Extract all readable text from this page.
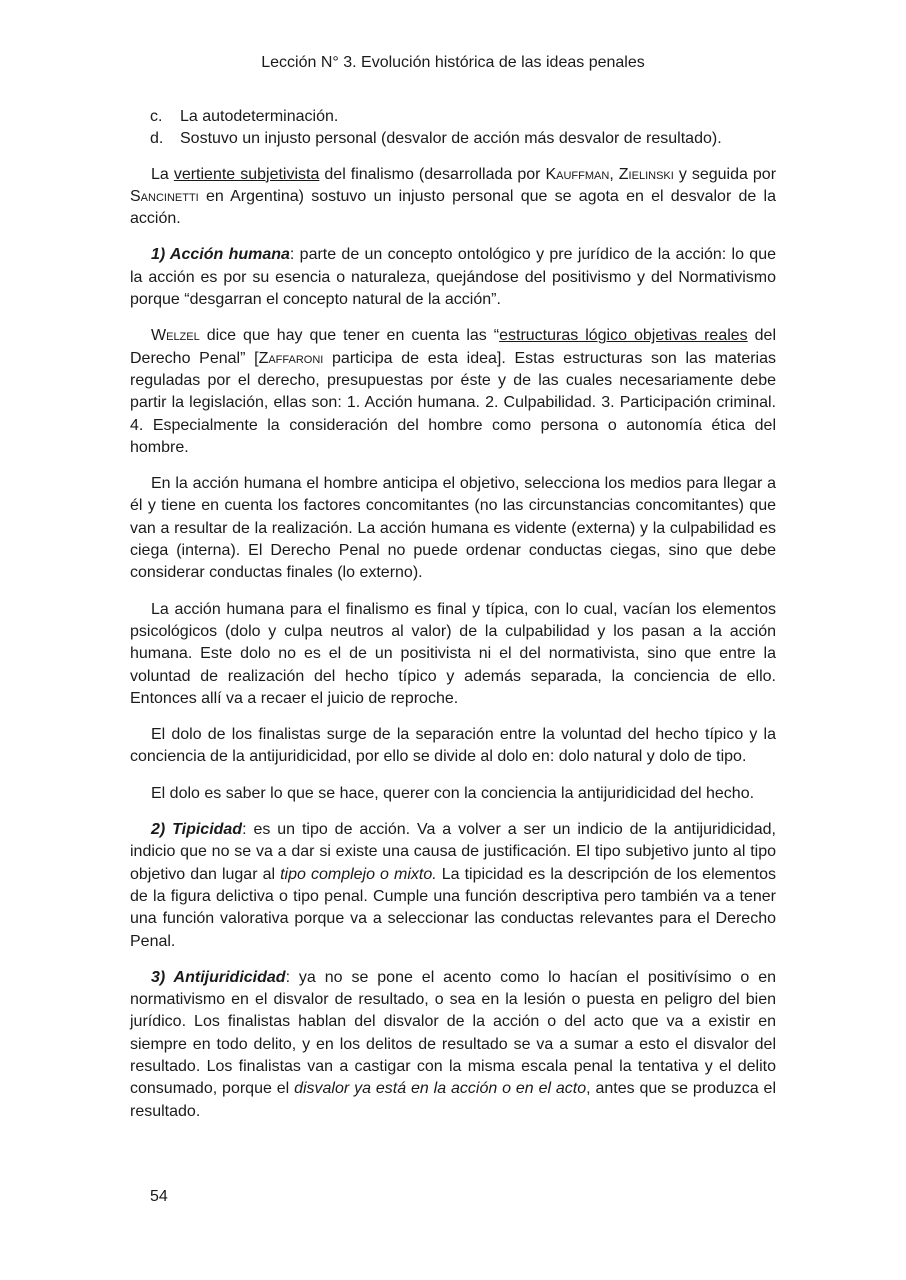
Lección N° 3. Evolución histórica de las ideas penales
c.	La autodeterminación.
d.	Sostuvo un injusto personal (desvalor de acción más desvalor de resultado).

La vertiente subjetivista del finalismo (desarrollada por Kauffman, Zielinski y seguida por Sancinetti en Argentina) sostuvo un injusto personal que se agota en el desvalor de la acción.

1) Acción humana: parte de un concepto ontológico y pre jurídico de la acción: lo que la acción es por su esencia o naturaleza, quejándose del positivismo y del Normativismo porque “desgarran el concepto natural de la acción”.

Welzel dice que hay que tener en cuenta las “estructuras lógico objetivas reales del Derecho Penal” [Zaffaroni participa de esta idea]. Estas estructuras son las materias reguladas por el derecho, presupuestas por éste y de las cuales necesariamente debe partir la legislación, ellas son: 1. Acción humana. 2. Culpabilidad. 3. Participación criminal. 4. Especialmente la consideración del hombre como persona o autonomía ética del hombre.

En la acción humana el hombre anticipa el objetivo, selecciona los medios para llegar a él y tiene en cuenta los factores concomitantes (no las circunstancias concomitantes) que van a resultar de la realización. La acción humana es vidente (externa) y la culpabilidad es ciega (interna). El Derecho Penal no puede ordenar conductas ciegas, sino que debe considerar conductas finales (lo externo).

La acción humana para el finalismo es final y típica, con lo cual, vacían los elementos psicológicos (dolo y culpa neutros al valor) de la culpabilidad y los pasan a la acción humana. Este dolo no es el de un positivista ni el del normativista, sino que entre la voluntad de realización del hecho típico y además separada, la conciencia de ello. Entonces allí va a recaer el juicio de reproche.

El dolo de los finalistas surge de la separación entre la voluntad del hecho típico y la conciencia de la antijuridicidad, por ello se divide al dolo en: dolo natural y dolo de tipo.

El dolo es saber lo que se hace, querer con la conciencia la antijuridicidad del hecho.

2) Tipicidad: es un tipo de acción. Va a volver a ser un indicio de la antijuridicidad, indicio que no se va a dar si existe una causa de justificación. El tipo subjetivo junto al tipo objetivo dan lugar al tipo complejo o mixto. La tipicidad es la descripción de los elementos de la figura delictiva o tipo penal. Cumple una función descriptiva pero también va a tener una función valorativa porque va a seleccionar las conductas relevantes para el Derecho Penal.

3) Antijuridicidad: ya no se pone el acento como lo hacían el positivísimo o en normativismo en el disvalor de resultado, o sea en la lesión o puesta en peligro del bien jurídico. Los finalistas hablan del disvalor de la acción o del acto que va a existir en siempre en todo delito, y en los delitos de resultado se va a sumar a esto el disvalor del resultado. Los finalistas van a castigar con la misma escala penal la tentativa y el delito consumado, porque el disvalor ya está en la acción o en el acto, antes que se produzca el resultado.

54
